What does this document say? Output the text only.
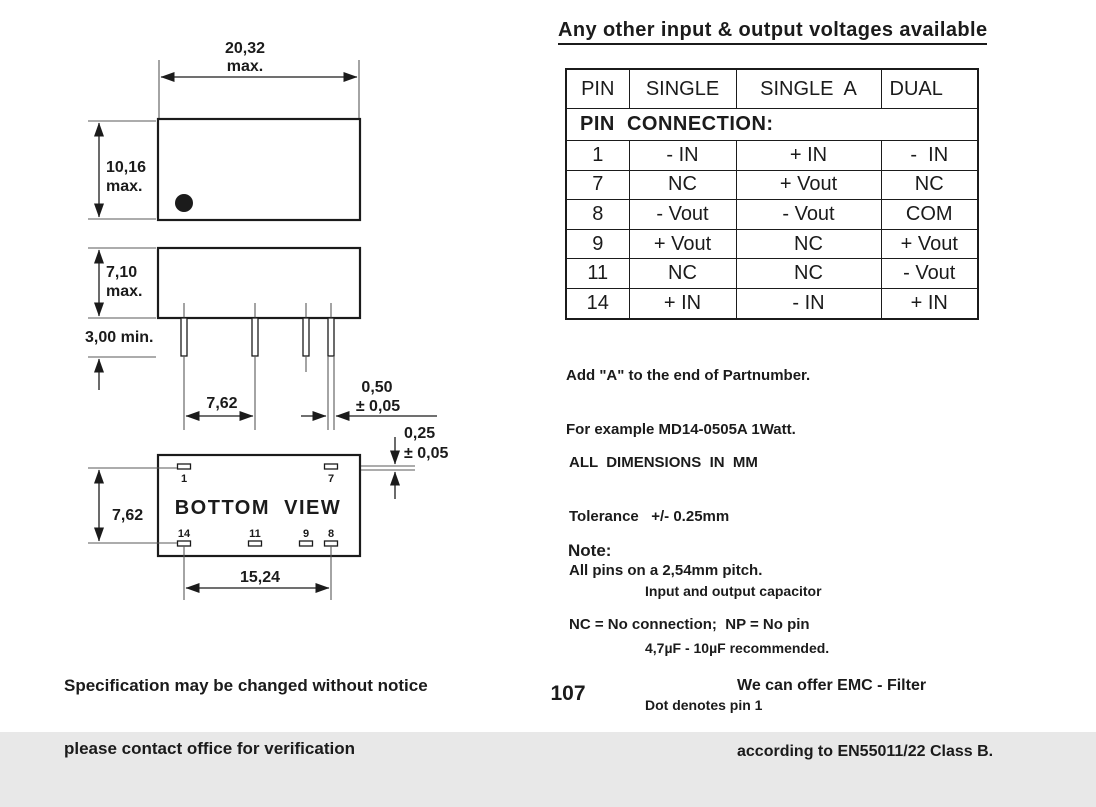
20,32
max.
10,16
max.
7,10
max.
3,00 min.
7,62
0,50
± 0,05
0,25
± 0,05
BOTTOM  VIEW
1	7
14	11	9 8
7,62
15,24
Any other input & output voltages available
PIN  CONNECTION:			
PIN	SINGLE	SINGLE  A	DUAL
1	- IN	+ IN	-  IN
7	NC	+ Vout	NC
8	- Vout	- Vout	COM
9	+ Vout	NC	+ Vout
11	NC	NC	- Vout
14	+ IN	- IN	+ IN

Add "A" to the end of Partnumber.

For example MD14-0505A 1Watt.

ALL  DIMENSIONS  IN  MM

Tolerance   +/- 0.25mm

All pins on a 2,54mm pitch.

NC = No connection;  NP = No pin

Note:

Input and output capacitor

4,7µF - 10µF recommended.

Dot denotes pin 1

We can offer EMC - Filter

according to EN55011/22 Class B.

Specification may be changed without notice

please contact office for verification

107
